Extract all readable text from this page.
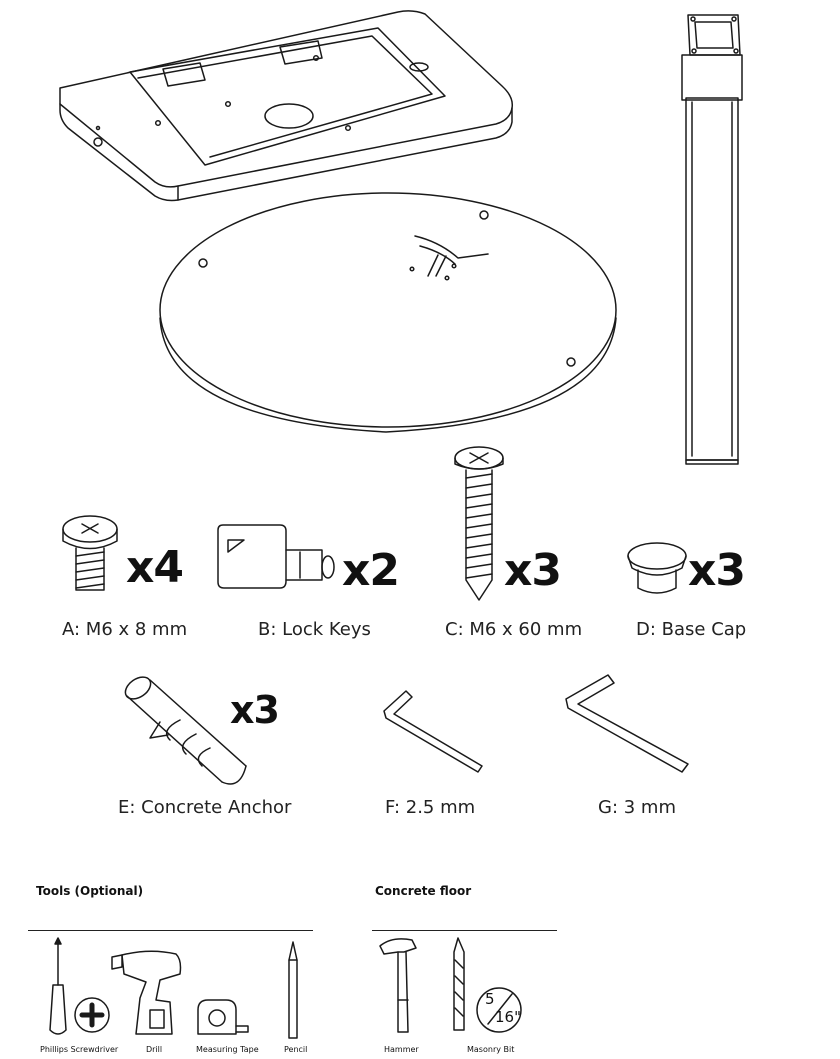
x4	x2 x3	x3
x3
A: M6 x 8 mm	B: Lock Keys	C: M6 x 60 mm	D: Base Cap
E: Concrete Anchor	F: 2.5 mm	G: 3 mm
Tools (Optional)
Phillips Screwdriver	Drill	Measuring Tape	Pencil
Concrete floor
Hammer	Masonry Bit
5
16"
